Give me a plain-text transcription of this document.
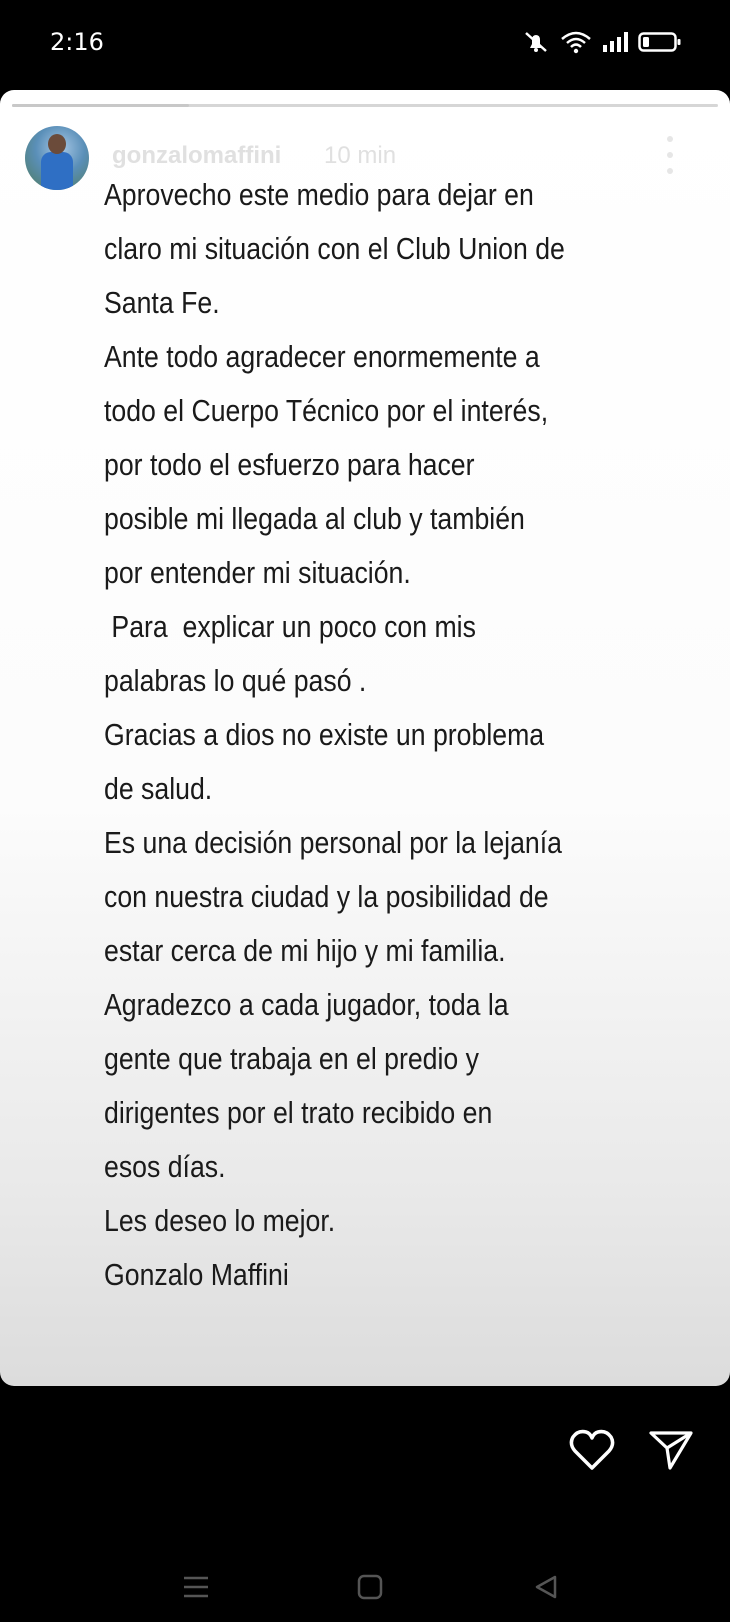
2:16
gonzalomaffini 10 min
Aprovecho este medio para dejar en
claro mi situación con el Club Union de
Santa Fe.
Ante todo agradecer enormemente a
todo el Cuerpo Técnico por el interés,
por todo el esfuerzo para hacer
posible mi llegada al club y también
por entender mi situación.
Para  explicar un poco con mis
palabras lo qué pasó .
Gracias a dios no existe un problema
de salud.
Es una decisión personal por la lejanía
con nuestra ciudad y la posibilidad de
estar cerca de mi hijo y mi familia.
Agradezco a cada jugador, toda la
gente que trabaja en el predio y
dirigentes por el trato recibido en
esos días.
Les deseo lo mejor.
Gonzalo Maffini
